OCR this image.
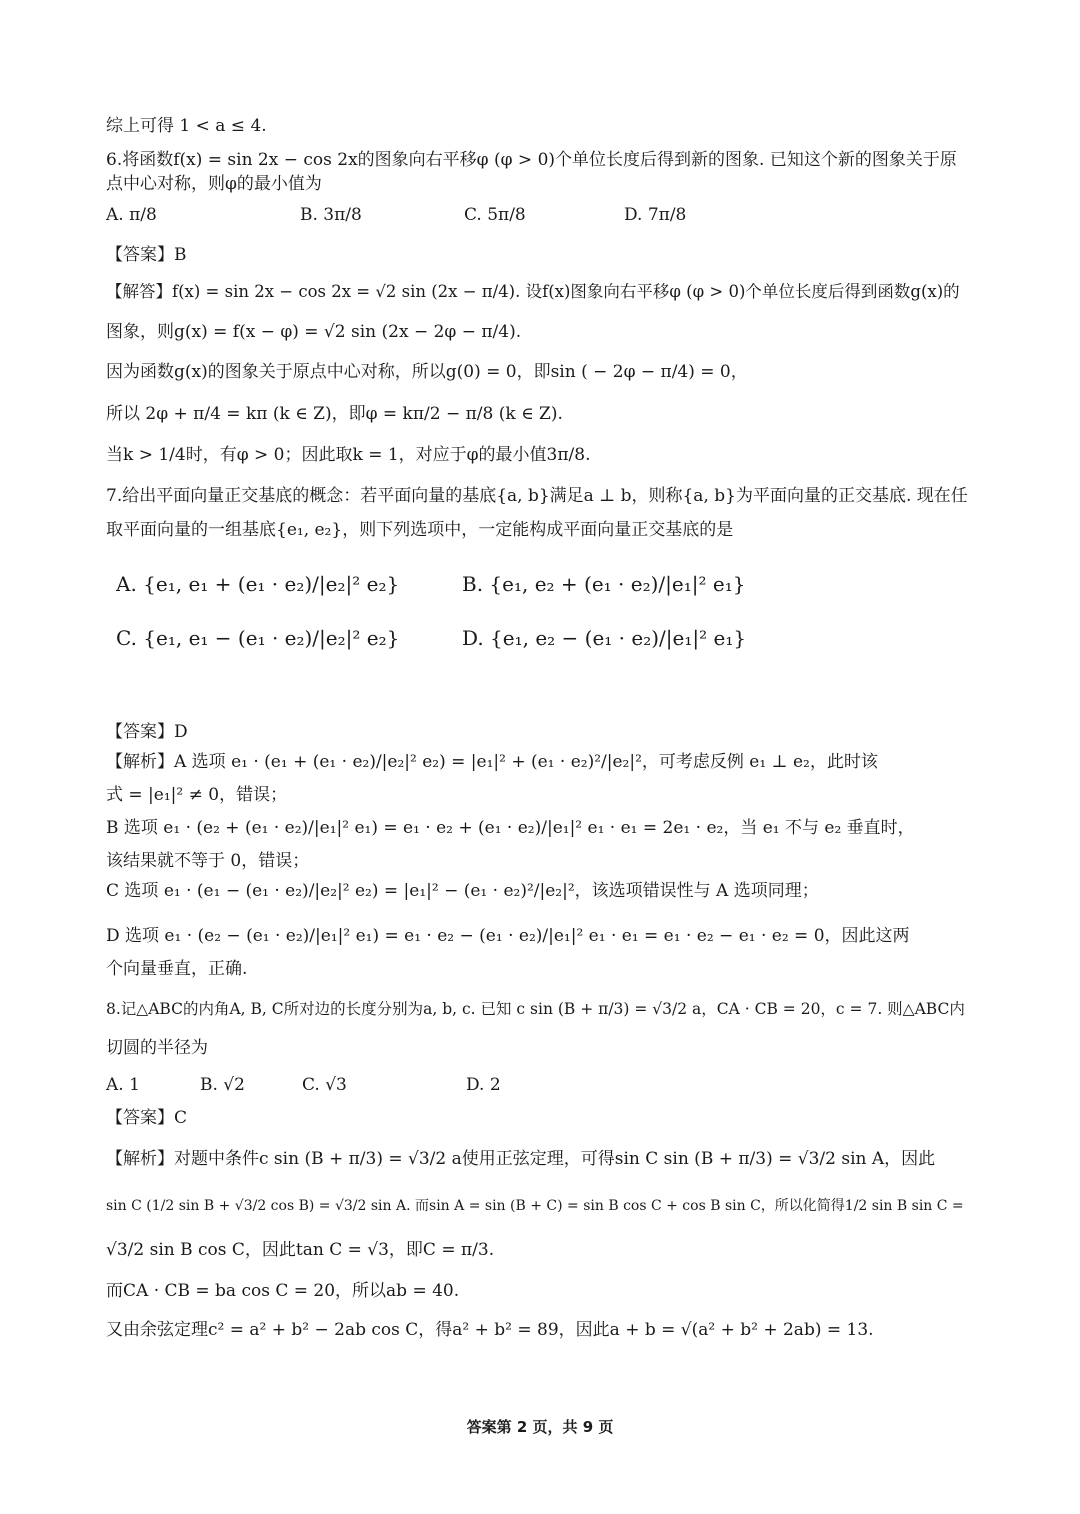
综上可得 1 < a ≤ 4.
6.将函数f(x) = sin 2x − cos 2x的图象向右平移φ (φ > 0)个单位长度后得到新的图象. 已知这个新的图象关于原
点中心对称，则φ的最小值为
A. π/8	B. 3π/8	C. 5π/8	D. 7π/8
【答案】B
【解答】f(x) = sin 2x − cos 2x = √2 sin (2x − π/4). 设f(x)图象向右平移φ (φ > 0)个单位长度后得到函数g(x)的
图象，则g(x) = f(x − φ) = √2 sin (2x − 2φ − π/4).
因为函数g(x)的图象关于原点中心对称，所以g(0) = 0，即sin ( − 2φ − π/4) = 0，
所以 2φ + π/4 = kπ (k ∈ Z)，即φ = kπ/2 − π/8 (k ∈ Z).
当k > 1/4时，有φ > 0；因此取k = 1，对应于φ的最小值3π/8.
7.给出平面向量正交基底的概念：若平面向量的基底{a, b}满足a ⊥ b，则称{a, b}为平面向量的正交基底. 现在任
取平面向量的一组基底{e₁, e₂}，则下列选项中，一定能构成平面向量正交基底的是
A. {e₁, e₁ + (e₁ · e₂)/|e₂|² e₂}	B. {e₁, e₂ + (e₁ · e₂)/|e₁|² e₁}
C. {e₁, e₁ − (e₁ · e₂)/|e₂|² e₂}	D. {e₁, e₂ − (e₁ · e₂)/|e₁|² e₁}
【答案】D
【解析】A 选项 e₁ · (e₁ + (e₁ · e₂)/|e₂|² e₂) = |e₁|² + (e₁ · e₂)²/|e₂|²，可考虑反例 e₁ ⊥ e₂，此时该
式 = |e₁|² ≠ 0，错误；
B 选项 e₁ · (e₂ + (e₁ · e₂)/|e₁|² e₁) = e₁ · e₂ + (e₁ · e₂)/|e₁|² e₁ · e₁ = 2e₁ · e₂，当 e₁ 不与 e₂ 垂直时，
该结果就不等于 0，错误；
C 选项 e₁ · (e₁ − (e₁ · e₂)/|e₂|² e₂) = |e₁|² − (e₁ · e₂)²/|e₂|²，该选项错误性与 A 选项同理；
D 选项 e₁ · (e₂ − (e₁ · e₂)/|e₁|² e₁) = e₁ · e₂ − (e₁ · e₂)/|e₁|² e₁ · e₁ = e₁ · e₂ − e₁ · e₂ = 0，因此这两
个向量垂直，正确.
8.记△ABC的内角A, B, C所对边的长度分别为a, b, c. 已知 c sin (B + π/3) = √3/2 a，CA · CB = 20，c = 7. 则△ABC内
切圆的半径为
A. 1	B. √2	C. √3	D. 2
【答案】C
【解析】对题中条件c sin (B + π/3) = √3/2 a使用正弦定理，可得sin C sin (B + π/3) = √3/2 sin A，因此
sin C (1/2 sin B + √3/2 cos B) = √3/2 sin A. 而sin A = sin (B + C) = sin B cos C + cos B sin C，所以化简得1/2 sin B sin C =
√3/2 sin B cos C，因此tan C = √3，即C = π/3.
而CA · CB = ba cos C = 20，所以ab = 40.
又由余弦定理c² = a² + b² − 2ab cos C，得a² + b² = 89，因此a + b = √(a² + b² + 2ab) = 13.
答案第 2 页，共 9 页
